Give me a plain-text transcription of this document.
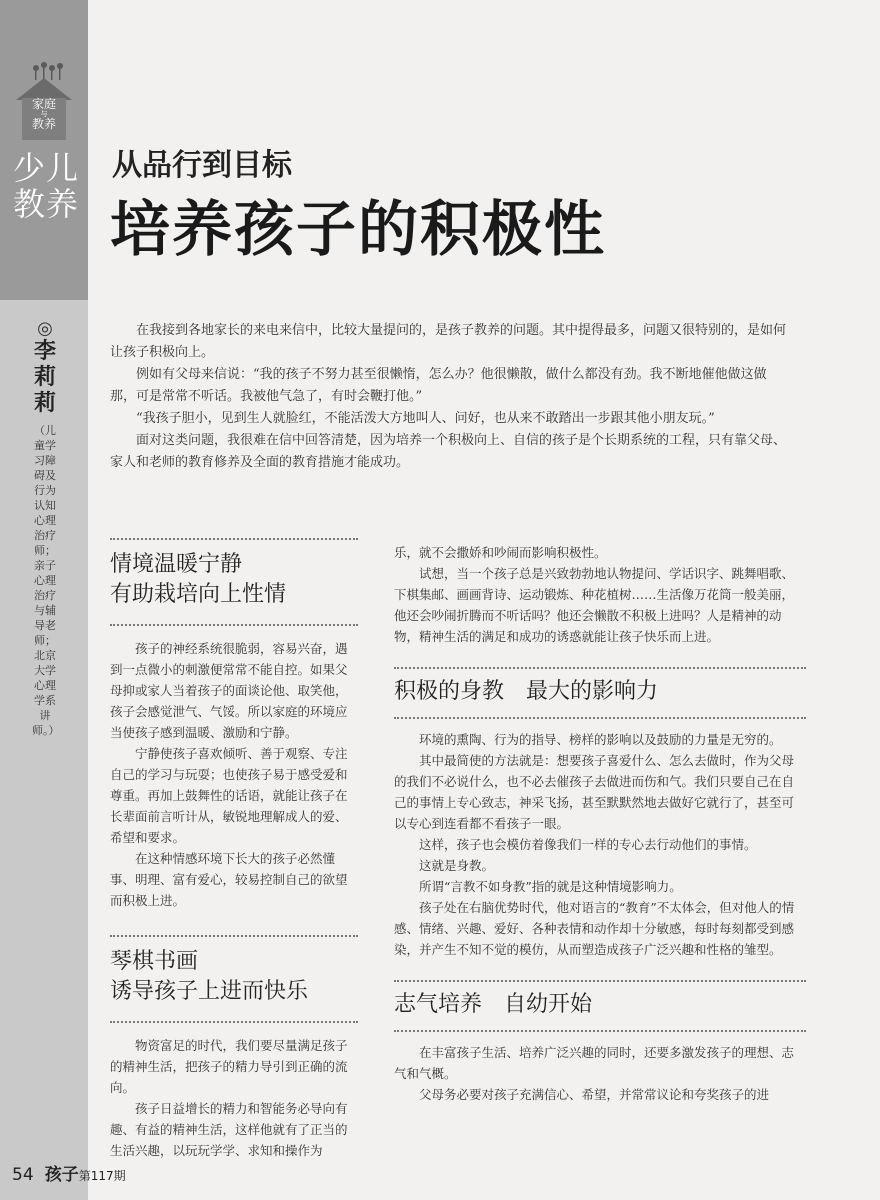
家庭
与
教养
少儿
教养
◎
李莉莉
（儿童学习障碍及行为认知心理治疗师；亲子心理治疗与辅导老师；北京大学心理学系讲师。）
从品行到目标
培养孩子的积极性

在我接到各地家长的来电来信中，比较大量提问的，是孩子教养的问题。其中提得最多，问题又很特别的，是如何让孩子积极向上。

例如有父母来信说：“我的孩子不努力甚至很懒惰，怎么办？他很懒散，做什么都没有劲。我不断地催他做这做那，可是常常不听话。我被他气急了，有时会鞭打他。”

“我孩子胆小，见到生人就脸红，不能活泼大方地叫人、问好，也从来不敢踏出一步跟其他小朋友玩。”

面对这类问题，我很难在信中回答清楚，因为培养一个积极向上、自信的孩子是个长期系统的工程，只有靠父母、家人和老师的教育修养及全面的教育措施才能成功。

情境温暖宁静
有助栽培向上性情

孩子的神经系统很脆弱，容易兴奋，遇到一点微小的刺激便常常不能自控。如果父母抑或家人当着孩子的面谈论他、取笑他，孩子会感觉泄气、气馁。所以家庭的环境应当使孩子感到温暖、激励和宁静。

宁静使孩子喜欢倾听、善于观察、专注自己的学习与玩耍；也使孩子易于感受爱和尊重。再加上鼓舞性的话语，就能让孩子在长辈面前言听计从，敏锐地理解成人的爱、希望和要求。

在这种情感环境下长大的孩子必然懂事、明理、富有爱心，较易控制自己的欲望而积极上进。

琴棋书画
诱导孩子上进而快乐

物资富足的时代，我们要尽量满足孩子的精神生活，把孩子的精力导引到正确的流向。

孩子日益增长的精力和智能务必导向有趣、有益的精神生活，这样他就有了正当的生活兴趣，以玩玩学学、求知和操作为

乐，就不会撒娇和吵闹而影响积极性。

试想，当一个孩子总是兴致勃勃地认物提问、学话识字、跳舞唱歌、下棋集邮、画画背诗、运动锻炼、种花植树……生活像万花筒一般美丽，他还会吵闹折腾而不听话吗？他还会懒散不积极上进吗？人是精神的动物，精神生活的满足和成功的诱惑就能让孩子快乐而上进。

积极的身教　最大的影响力

环境的熏陶、行为的指导、榜样的影响以及鼓励的力量是无穷的。

其中最简使的方法就是：想要孩子喜爱什么、怎么去做时，作为父母的我们不必说什么，也不必去催孩子去做进而伤和气。我们只要自己在自己的事情上专心致志，神采飞扬，甚至默默然地去做好它就行了，甚至可以专心到连看都不看孩子一眼。

这样，孩子也会模仿着像我们一样的专心去行动他们的事情。

这就是身教。

所谓“言教不如身教”指的就是这种情境影响力。

孩子处在右脑优势时代，他对语言的“教育”不太体会，但对他人的情感、情绪、兴趣、爱好、各种表情和动作却十分敏感，每时每刻都受到感染，并产生不知不觉的模仿，从而塑造成孩子广泛兴趣和性格的雏型。

志气培养　自幼开始

在丰富孩子生活、培养广泛兴趣的同时，还要多激发孩子的理想、志气和气概。

父母务必要对孩子充满信心、希望，并常常议论和夸奖孩子的进

54 孩子第117期
